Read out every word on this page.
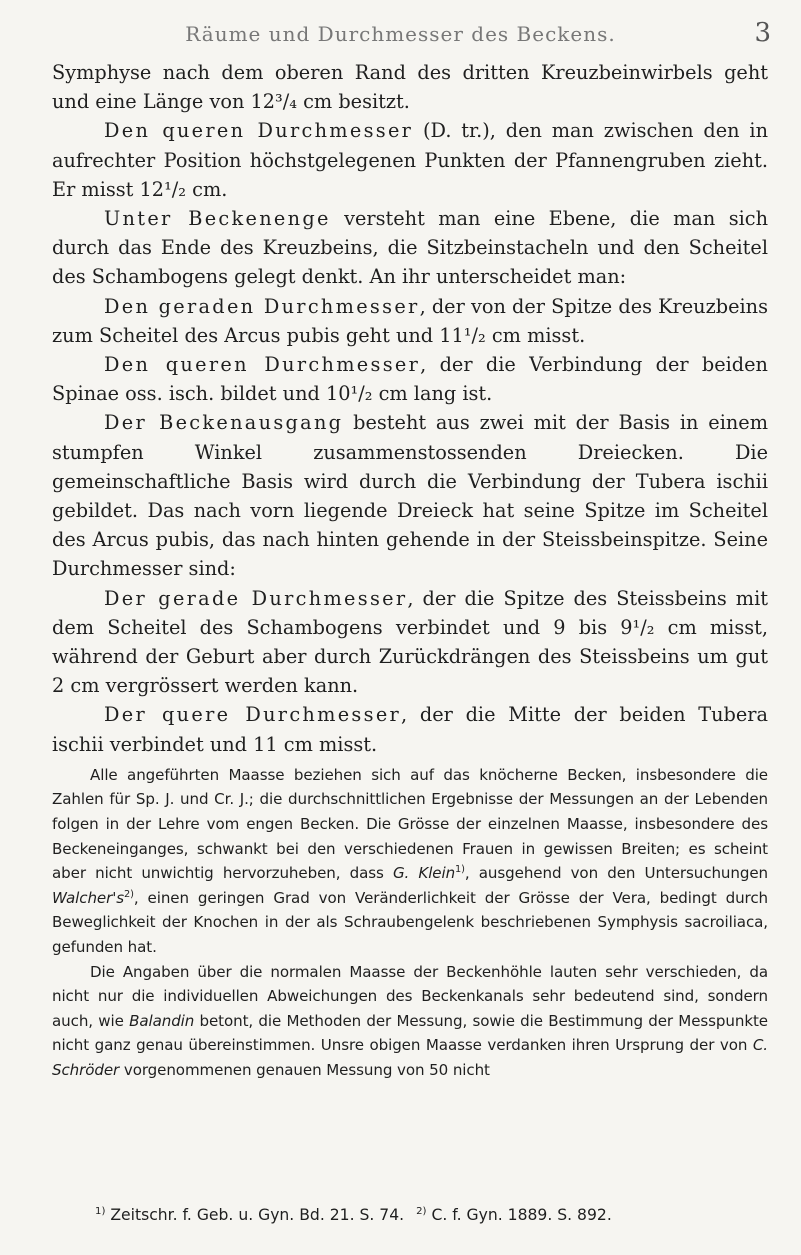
Räume und Durchmesser des Beckens.	3

Symphyse nach dem oberen Rand des dritten Kreuzbeinwirbels geht und eine Länge von 12³/₄ cm besitzt.

Den queren Durchmesser (D. tr.), den man zwischen den in aufrechter Position höchstgelegenen Punkten der Pfannengruben zieht. Er misst 12¹/₂ cm.

Unter Beckenenge versteht man eine Ebene, die man sich durch das Ende des Kreuzbeins, die Sitzbeinstacheln und den Scheitel des Schambogens gelegt denkt. An ihr unterscheidet man:

Den geraden Durchmesser, der von der Spitze des Kreuzbeins zum Scheitel des Arcus pubis geht und 11¹/₂ cm misst.

Den queren Durchmesser, der die Verbindung der beiden Spinae oss. isch. bildet und 10¹/₂ cm lang ist.

Der Beckenausgang besteht aus zwei mit der Basis in einem stumpfen Winkel zusammenstossenden Dreiecken. Die gemeinschaftliche Basis wird durch die Verbindung der Tubera ischii gebildet. Das nach vorn liegende Dreieck hat seine Spitze im Scheitel des Arcus pubis, das nach hinten gehende in der Steissbeinspitze. Seine Durchmesser sind:

Der gerade Durchmesser, der die Spitze des Steissbeins mit dem Scheitel des Schambogens verbindet und 9 bis 9¹/₂ cm misst, während der Geburt aber durch Zurückdrängen des Steissbeins um gut 2 cm vergrössert werden kann.

Der quere Durchmesser, der die Mitte der beiden Tubera ischii verbindet und 11 cm misst.

Alle angeführten Maasse beziehen sich auf das knöcherne Becken, insbesondere die Zahlen für Sp. J. und Cr. J.; die durchschnittlichen Ergebnisse der Messungen an der Lebenden folgen in der Lehre vom engen Becken. Die Grösse der einzelnen Maasse, insbesondere des Beckeneinganges, schwankt bei den verschiedenen Frauen in gewissen Breiten; es scheint aber nicht unwichtig hervorzuheben, dass G. Klein$^{1)}$, ausgehend von den Untersuchungen $Walcher's^{2)}$, einen geringen Grad von Veränderlichkeit der Grösse der Vera, bedingt durch Beweglichkeit der Knochen in der als Schraubengelenk beschriebenen Symphysis sacroiliaca, gefunden hat.

Die Angaben über die normalen Maasse der Beckenhöhle lauten sehr verschieden, da nicht nur die individuellen Abweichungen des Beckenkanals sehr bedeutend sind, sondern auch, wie Balandin betont, die Methoden der Messung, sowie die Bestimmung der Messpunkte nicht ganz genau übereinstimmen. Unsre obigen Maasse verdanken ihren Ursprung der von C. Schröder vorgenommenen genauen Messung von 50 nicht

$^{1)}$ Zeitschr. f. Geb. u. Gyn. Bd. 21. S. 74. $^{2)}$ C. f. Gyn. 1889. S. 892.
